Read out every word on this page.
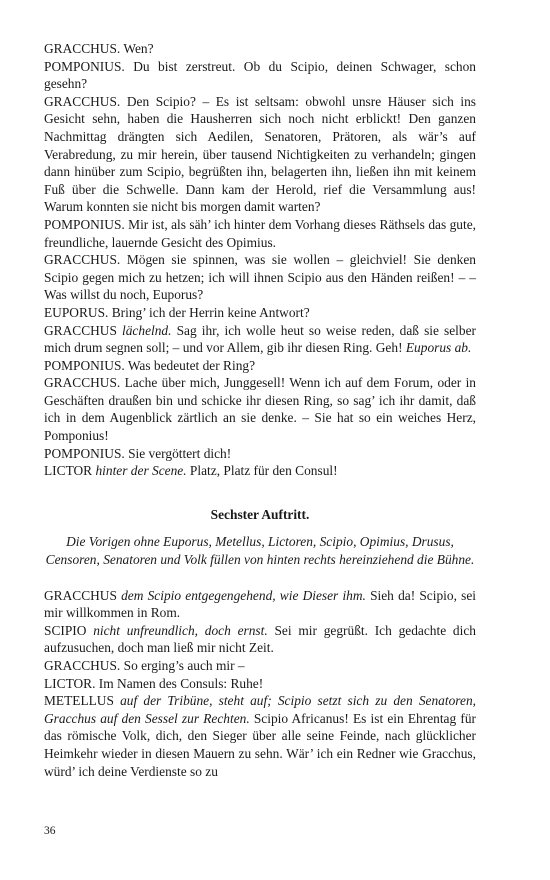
GRACCHUS. Wen?

POMPONIUS. Du bist zerstreut. Ob du Scipio, deinen Schwager, schon gesehn?

GRACCHUS. Den Scipio? – Es ist seltsam: obwohl unsre Häuser sich ins Gesicht sehn, haben die Hausherren sich noch nicht erblickt! Den ganzen Nachmittag drängten sich Aedilen, Senatoren, Prätoren, als wär’s auf Verabredung, zu mir herein, über tausend Nichtigkeiten zu verhandeln; gingen dann hinüber zum Scipio, begrüßten ihn, belagerten ihn, ließen ihn mit keinem Fuß über die Schwelle. Dann kam der Herold, rief die Versammlung aus! Warum konnten sie nicht bis morgen damit warten?

POMPONIUS. Mir ist, als säh’ ich hinter dem Vorhang dieses Räthsels das gute, freundliche, lauernde Gesicht des Opimius.

GRACCHUS. Mögen sie spinnen, was sie wollen – gleichviel! Sie denken Scipio gegen mich zu hetzen; ich will ihnen Scipio aus den Händen reißen! – – Was willst du noch, Euporus?

EUPORUS. Bring’ ich der Herrin keine Antwort?

GRACCHUS lächelnd. Sag ihr, ich wolle heut so weise reden, daß sie selber mich drum segnen soll; – und vor Allem, gib ihr diesen Ring. Geh! Euporus ab.

POMPONIUS. Was bedeutet der Ring?

GRACCHUS. Lache über mich, Junggesell! Wenn ich auf dem Forum, oder in Geschäften draußen bin und schicke ihr diesen Ring, so sag’ ich ihr damit, daß ich in dem Augenblick zärtlich an sie denke. – Sie hat so ein weiches Herz, Pomponius!

POMPONIUS. Sie vergöttert dich!

LICTOR hinter der Scene. Platz, Platz für den Consul!

Sechster Auftritt.
Die Vorigen ohne Euporus, Metellus, Lictoren, Scipio, Opimius, Drusus, Censoren, Senatoren und Volk füllen von hinten rechts hereinziehend die Bühne.

GRACCHUS dem Scipio entgegengehend, wie Dieser ihm. Sieh da! Scipio, sei mir willkommen in Rom.

SCIPIO nicht unfreundlich, doch ernst. Sei mir gegrüßt. Ich gedachte dich aufzusuchen, doch man ließ mir nicht Zeit.

GRACCHUS. So erging’s auch mir –

LICTOR. Im Namen des Consuls: Ruhe!

METELLUS auf der Tribüne, steht auf; Scipio setzt sich zu den Senatoren, Gracchus auf den Sessel zur Rechten. Scipio Africanus! Es ist ein Ehrentag für das römische Volk, dich, den Sieger über alle seine Feinde, nach glücklicher Heimkehr wieder in diesen Mauern zu sehn. Wär’ ich ein Redner wie Gracchus, würd’ ich deine Verdienste so zu

36
